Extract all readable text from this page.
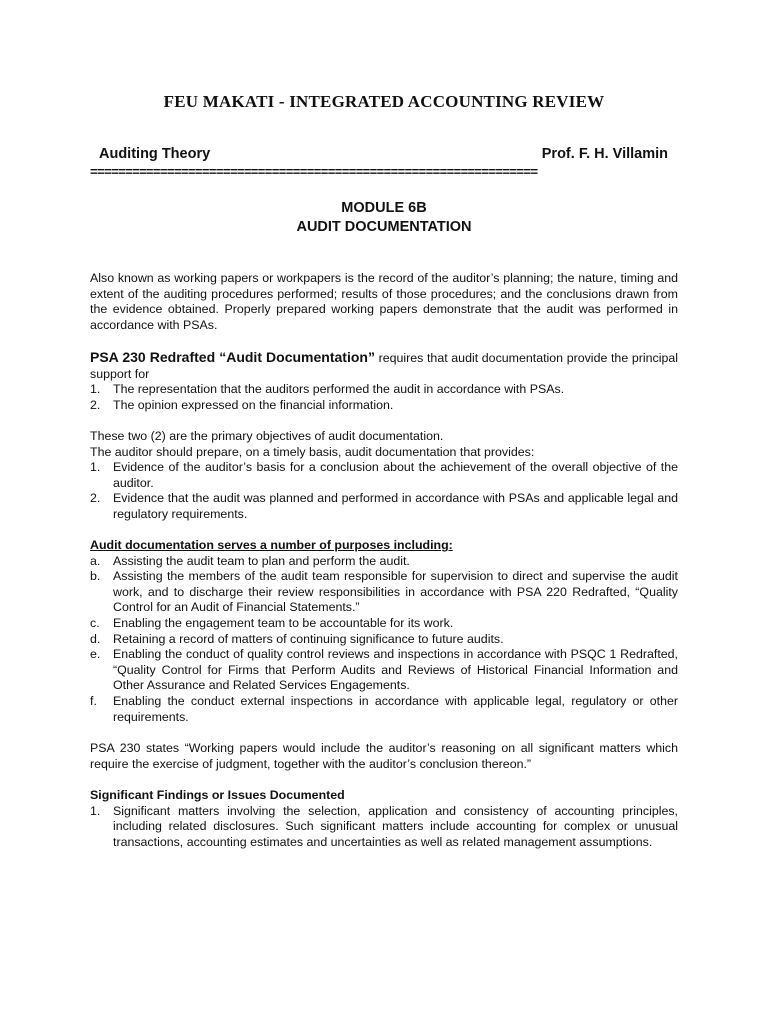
FEU MAKATI - INTEGRATED ACCOUNTING REVIEW
Auditing Theory	Prof. F. H. Villamin
================================================================
MODULE 6B
AUDIT DOCUMENTATION

Also known as working papers or workpapers is the record of the auditor’s planning; the nature, timing and extent of the auditing procedures performed; results of those procedures; and the conclusions drawn from the evidence obtained. Properly prepared working papers demonstrate that the audit was performed in accordance with PSAs.

PSA 230 Redrafted “Audit Documentation” requires that audit documentation provide the principal support for

1. The representation that the auditors performed the audit in accordance with PSAs.
2. The opinion expressed on the financial information.

These two (2) are the primary objectives of audit documentation.

The auditor should prepare, on a timely basis, audit documentation that provides:

1. Evidence of the auditor’s basis for a conclusion about the achievement of the overall objective of the auditor.
2. Evidence that the audit was planned and performed in accordance with PSAs and applicable legal and regulatory requirements.

Audit documentation serves a number of purposes including:

a. Assisting the audit team to plan and perform the audit.
b. Assisting the members of the audit team responsible for supervision to direct and supervise the audit work, and to discharge their review responsibilities in accordance with PSA 220 Redrafted, “Quality Control for an Audit of Financial Statements.”
c. Enabling the engagement team to be accountable for its work.
d. Retaining a record of matters of continuing significance to future audits.
e. Enabling the conduct of quality control reviews and inspections in accordance with PSQC 1 Redrafted, “Quality Control for Firms that Perform Audits and Reviews of Historical Financial Information and Other Assurance and Related Services Engagements.
f. Enabling the conduct external inspections in accordance with applicable legal, regulatory or other requirements.

PSA 230 states “Working papers would include the auditor’s reasoning on all significant matters which require the exercise of judgment, together with the auditor’s conclusion thereon.”

Significant Findings or Issues Documented

1. Significant matters involving the selection, application and consistency of accounting principles, including related disclosures. Such significant matters include accounting for complex or unusual transactions, accounting estimates and uncertainties as well as related management assumptions.
